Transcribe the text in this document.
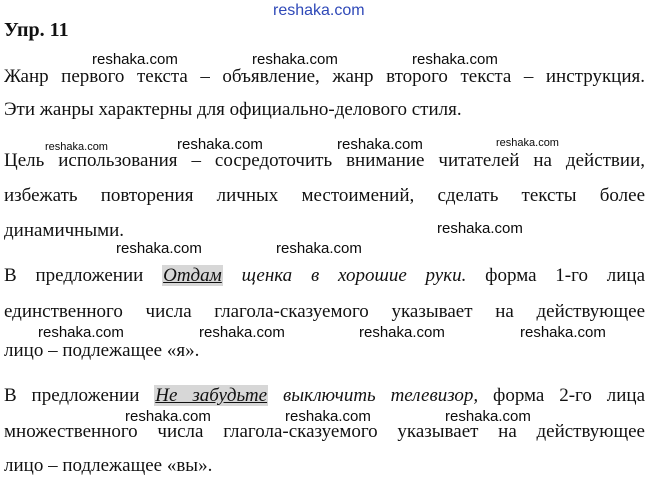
reshaka.com
reshaka.com	reshaka.com	reshaka.com
reshaka.com	reshaka.com	reshaka.com	reshaka.com
reshaka.com
reshaka.com	reshaka.com
reshaka.com	reshaka.com	reshaka.com	reshaka.com
reshaka.com	reshaka.com	reshaka.com
Упр. 11
Жанр первого текста – объявление, жанр второго текста – инструкция.
Эти жанры характерны для официально-делового стиля.
Цель использования – сосредоточить внимание читателей на действии,
избежать повторения личных местоимений, сделать тексты более
динамичными.
В предложении Отдам щенка в хорошие руки. форма 1-го лица
единственного числа глагола-сказуемого указывает на действующее
лицо – подлежащее «я».
В предложении Не забудьте выключить телевизор, форма 2-го лица
множественного числа глагола-сказуемого указывает на действующее
лицо – подлежащее «вы».
